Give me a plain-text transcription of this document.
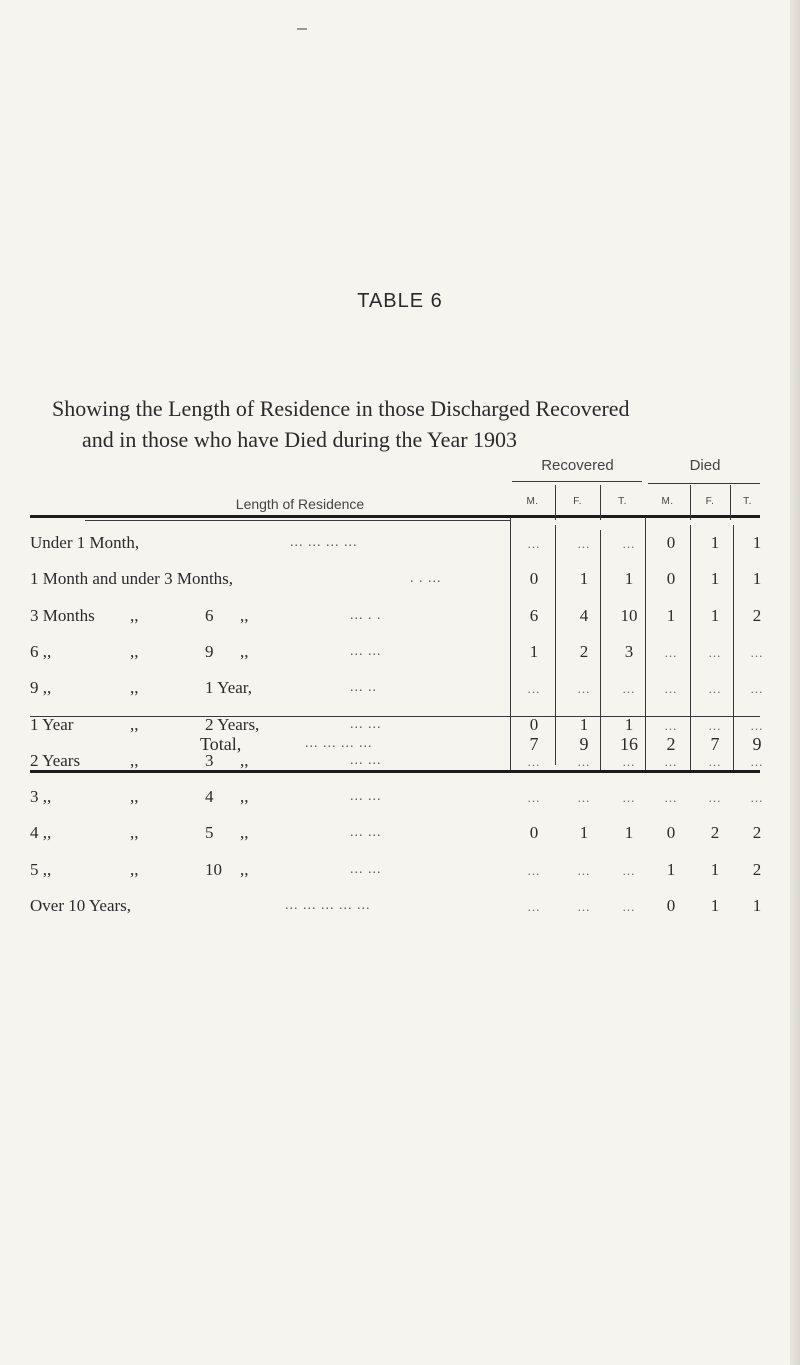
TABLE 6
Showing the Length of Residence in those Discharged Recovered
and in those who have Died during the Year 1903
Length of Residence
Recovered	Died
M.	F.	T.	M.	F.	T.
Under 1 Month,	... ... ... ...	...	...	...	0	1	1
1 Month and under 3 Months,	. . ...	0	1	1	0	1	1
3 Months ,,	6 ,,	... . .	6	4	10	1	1	2
6 ,,	,,	9 ,,	... ...	1	2	3	...	...	...
9 ,,	,,	1 Year,	... ..	...	...	...	...	...	...
1 Year	,,	2 Years,	... ...	0	1	1	...	...	...
2 Years	,,	3 ,,	... ...	...	...	...	...	...	...
3 ,,	,,	4 ,,	... ...	...	...	...	...	...	...
4 ,,	,,	5 ,,	... ...	0	1	1	0	2	2
5 ,,	,,	10 ,,	... ...	...	...	...	1	1	2
Over 10 Years,	... ... ... ... ...	...	...	...	0	1	1
Total,	... ... ... ...	7	9	16	2	7	9
